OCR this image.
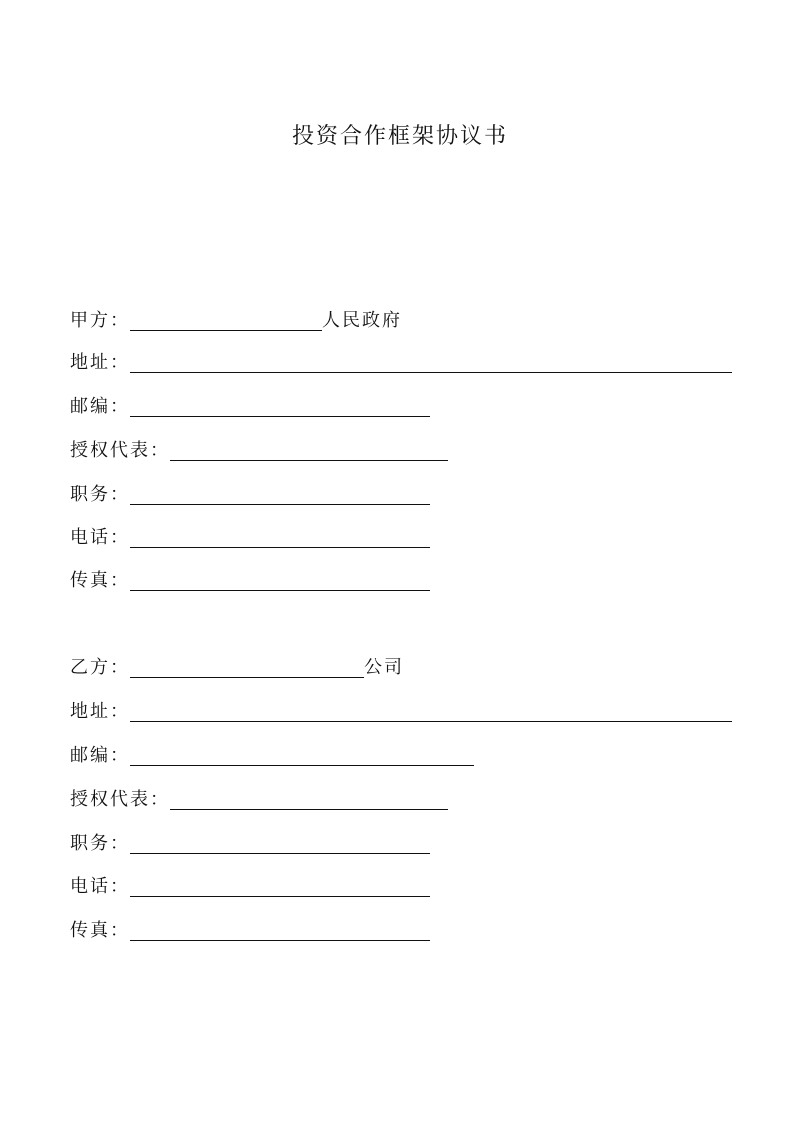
投资合作框架协议书
甲方：	人民政府
地址：
邮编：
授权代表：
职务：
电话：
传真：
乙方：	公司
地址：
邮编：
授权代表：
职务：
电话：
传真：
